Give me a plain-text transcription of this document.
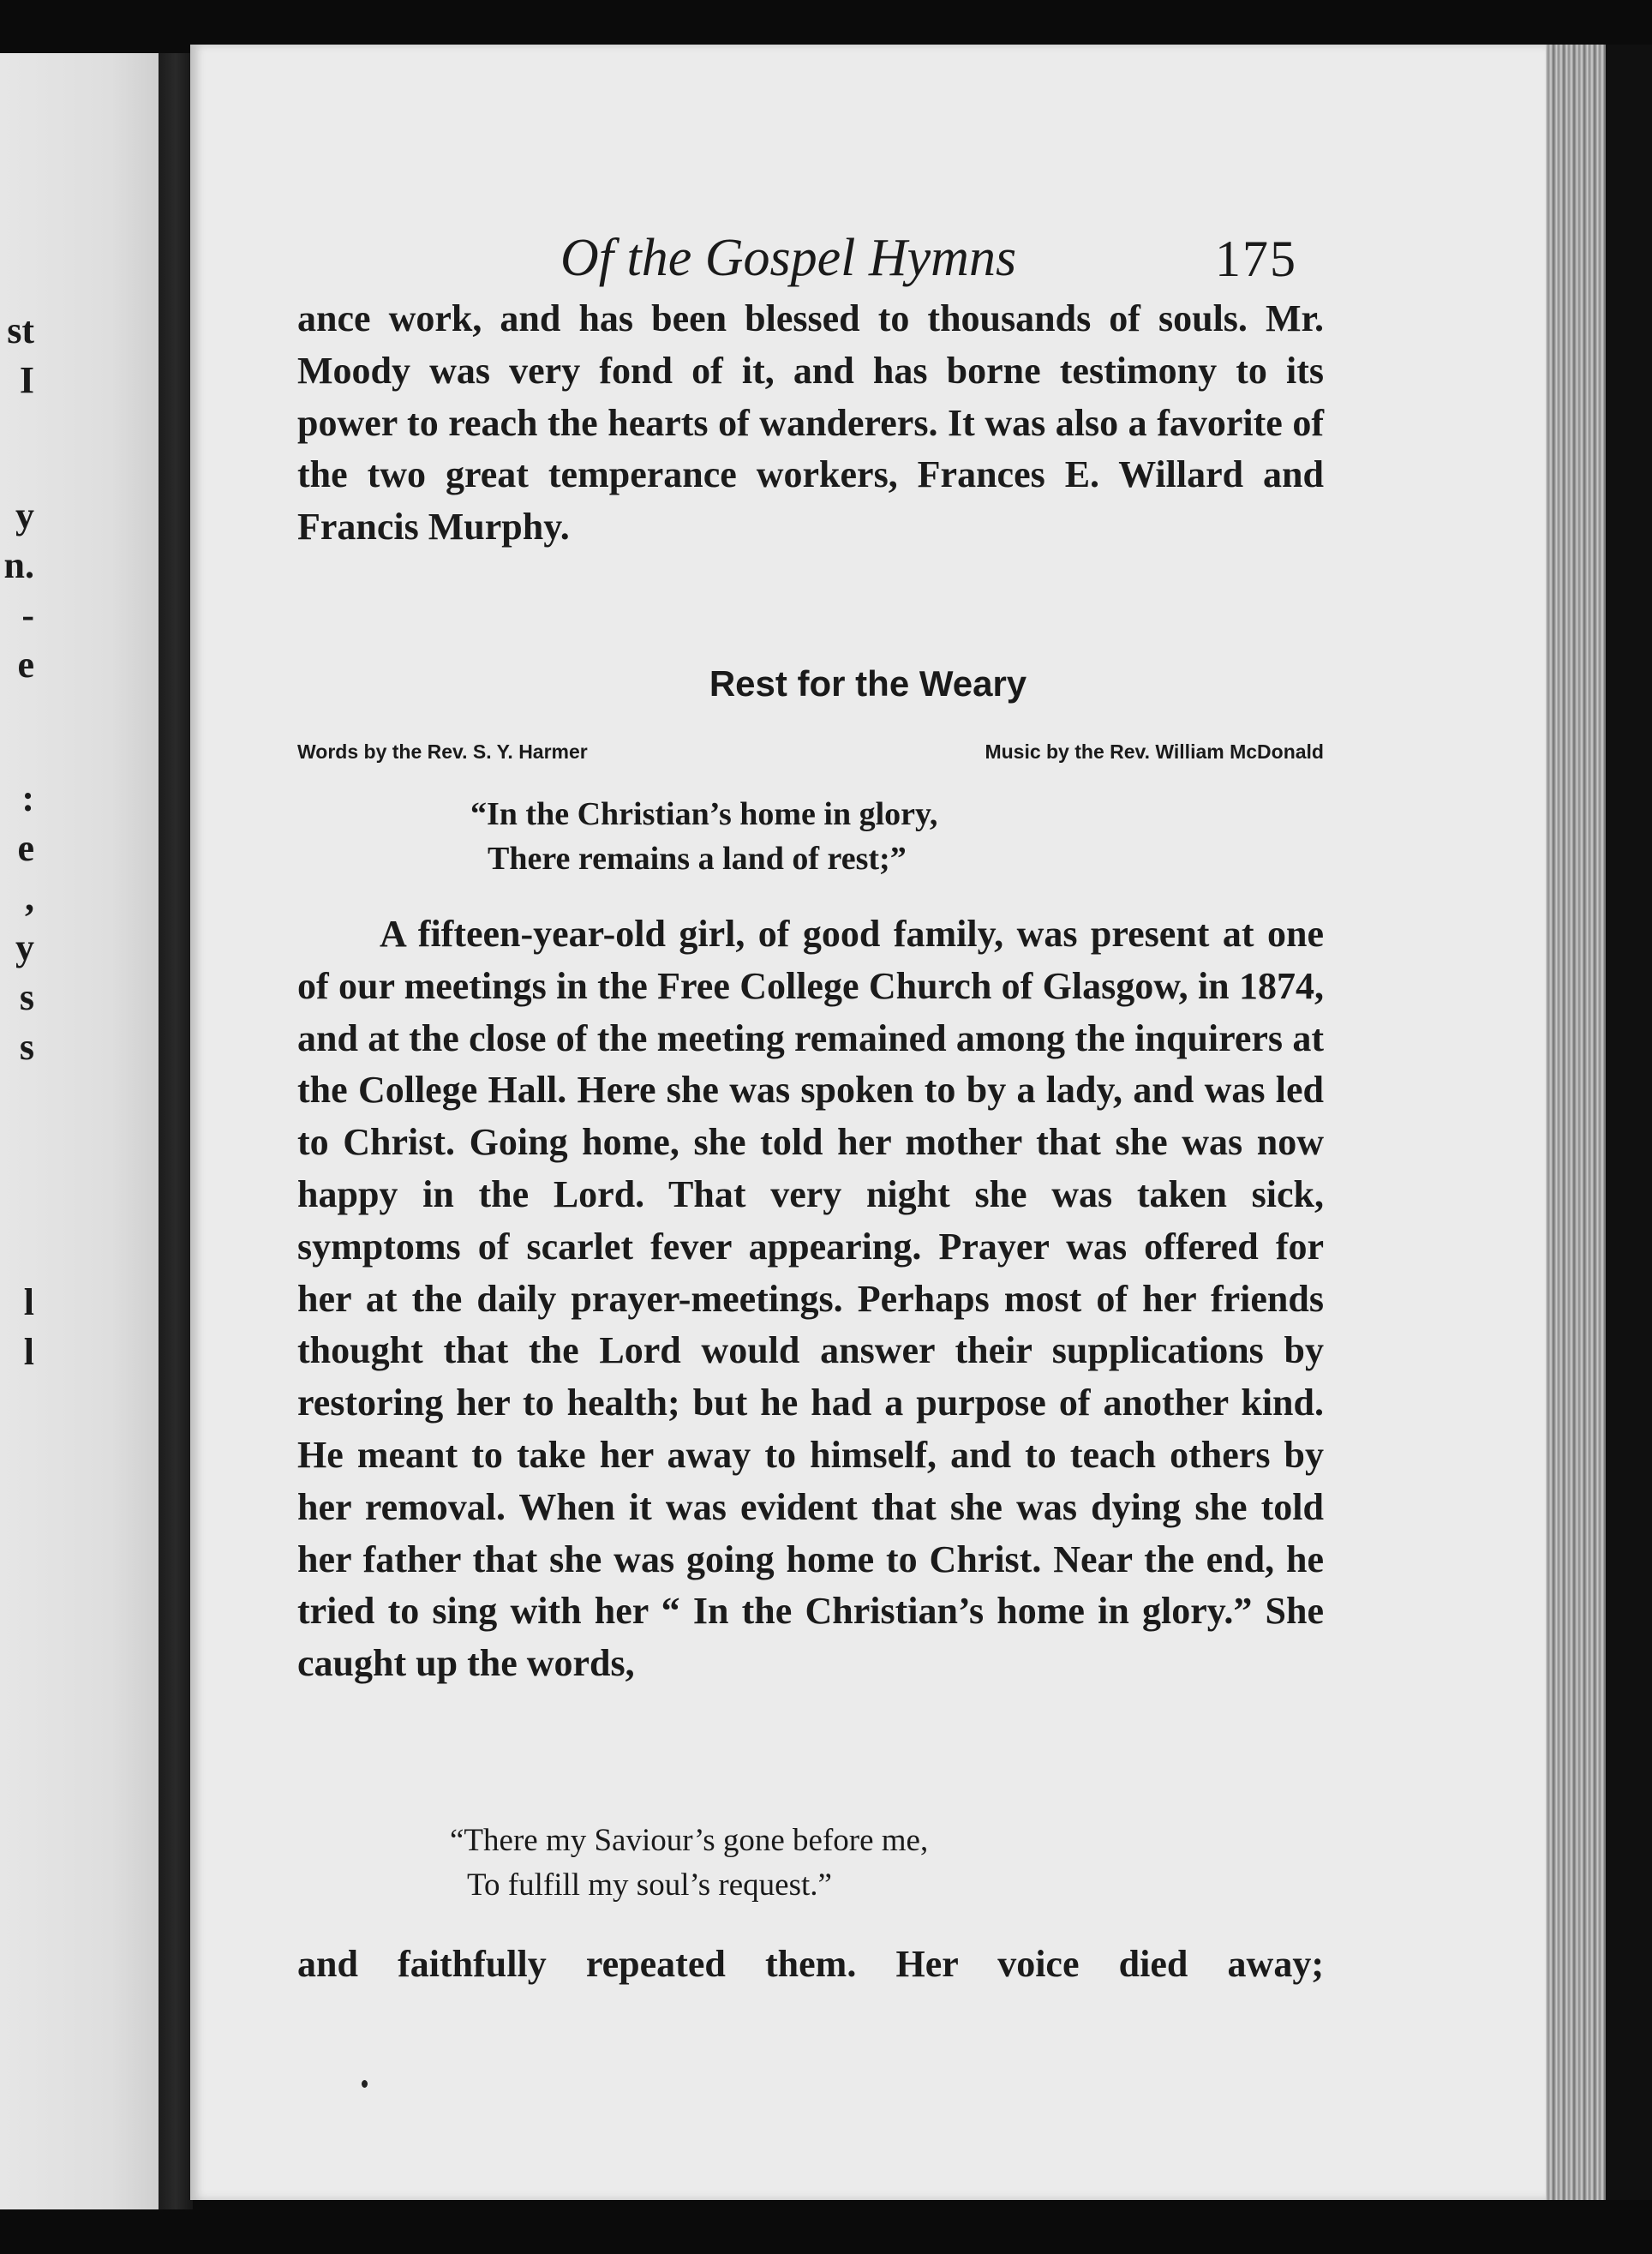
st
I
y
n.
-
e
:
e
,
y
s
s
l
l
Of the Gospel Hymns	175

ance work, and has been blessed to thousands of souls. Mr. Moody was very fond of it, and has borne testimony to its power to reach the hearts of wanderers. It was also a favorite of the two great temperance workers, Frances E. Willard and Francis Murphy.

Rest for the Weary
Words by the Rev. S. Y. Harmer	Music by the Rev. William McDonald
“In the Christian’s home in glory,
There remains a land of rest;”

A fifteen-year-old girl, of good family, was present at one of our meetings in the Free College Church of Glasgow, in 1874, and at the close of the meeting remained among the inquirers at the College Hall. Here she was spoken to by a lady, and was led to Christ. Going home, she told her mother that she was now happy in the Lord. That very night she was taken sick, symptoms of scarlet fever appearing. Prayer was offered for her at the daily prayer-meetings. Perhaps most of her friends thought that the Lord would answer their supplications by restoring her to health; but he had a purpose of another kind. He meant to take her away to himself, and to teach others by her removal. When it was evident that she was dying she told her father that she was going home to Christ. Near the end, he tried to sing with her “ In the Christian’s home in glory.” She caught up the words,

“There my Saviour’s gone before me,
To fulfill my soul’s request.”

and faithfully repeated them. Her voice died away;
